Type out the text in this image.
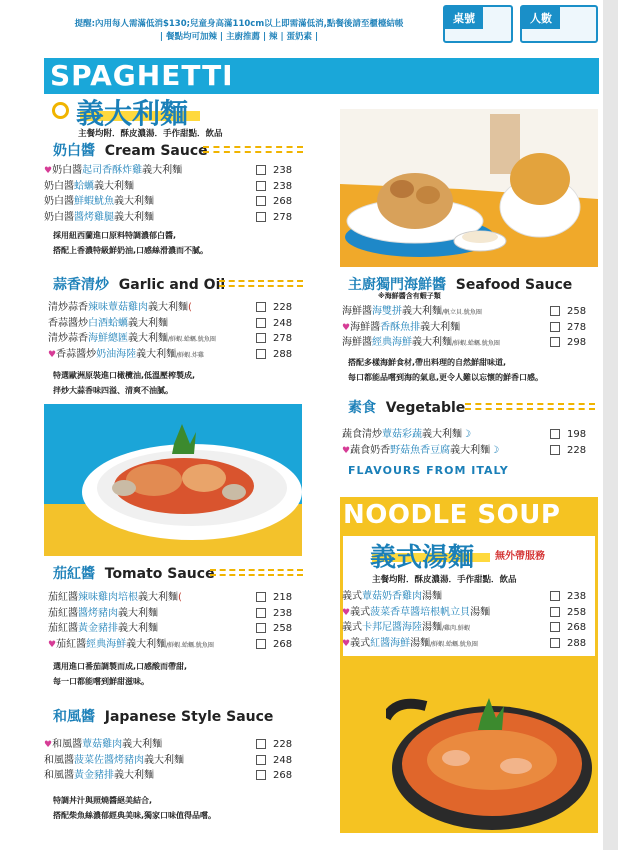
提醒:內用每人需滿低消$130;兒童身高滿110cm以上即需滿低消,點餐後請至櫃檯結帳
| 餐點均可加辣 | 主廚推薦 | 辣 | 蛋奶素 |
桌號	人數
SPAGHETTI
義大利麵
主餐均附．酥皮濃湯．手作甜點．飲品
奶白醬 Cream Sauce
♥奶白醬起司香酥炸雞義大利麵	238
奶白醬蛤蠣義大利麵	238
奶白醬鮮蝦魷魚義大利麵	268
奶白醬醬烤雞腿義大利麵	278
採用紐西蘭進口原料特調濃郁白醬,
搭配上香濃特級鮮奶油,口感絲滑濃而不膩。
蒜香清炒 Garlic and Oil
清炒蒜香辣味蕈菇雞肉義大利麵(	228
香蒜醬炒白酒蛤蠣義大利麵	248
清炒蒜香海鮮總匯義大利麵/鮮蝦.蛤蠣.魷魚圈	278
♥香蒜醬炒奶油海陸義大利麵/鮮蝦.炸雞	288
特選歐洲原裝進口橄欖油,低溫壓榨製成,
拌炒大蒜香味四溢、清爽不油膩。
主廚獨門海鮮醬 Seafood Sauce
※海鮮醬含有蝦子類
海鮮醬海雙拼義大利麵/帆立貝.魷魚圈	258
♥海鮮醬香酥魚排義大利麵	278
海鮮醬經典海鮮義大利麵/鮮蝦.蛤蠣.魷魚圈	298
搭配多樣海鮮食材,帶出料理的自然鮮甜味道,
每口都能品嚐到海的氣息,更令人難以忘懷的鮮香口感。
素食 Vegetable
蔬食清炒蕈菇彩蔬義大利麵☽	198
♥蔬食奶香野菇魚香豆腐義大利麵☽	228
FLAVOURS FROM ITALY
茄紅醬 Tomato Sauce
茄紅醬辣味雞肉培根義大利麵(	218
茄紅醬醬烤豬肉義大利麵	238
茄紅醬黃金豬排義大利麵	258
♥茄紅醬經典海鮮義大利麵/鮮蝦.蛤蠣.魷魚圈	268
選用進口番茄調製而成,口感酸而帶甜,
每一口都能嚐到鮮甜滋味。
NOODLE SOUP
義式湯麵 無外帶服務
主餐均附．酥皮濃湯．手作甜點．飲品
義式蕈菇奶香雞肉湯麵	238
♥義式菠菜香草醬培根帆立貝湯麵	258
義式卡邦尼醬海陸湯麵/雞肉.鮮蝦	268
♥義式紅醬海鮮湯麵/鮮蝦.蛤蠣.魷魚圈	288
和風醬 Japanese Style Sauce
♥和風醬蕈菇雞肉義大利麵	228
和風醬菠菜佐醬烤豬肉義大利麵	248
和風醬黃金豬排義大利麵	268
特調丼汁與照燒醬絕美結合,
搭配柴魚絲濃郁經典美味,獨家口味值得品嚐。
